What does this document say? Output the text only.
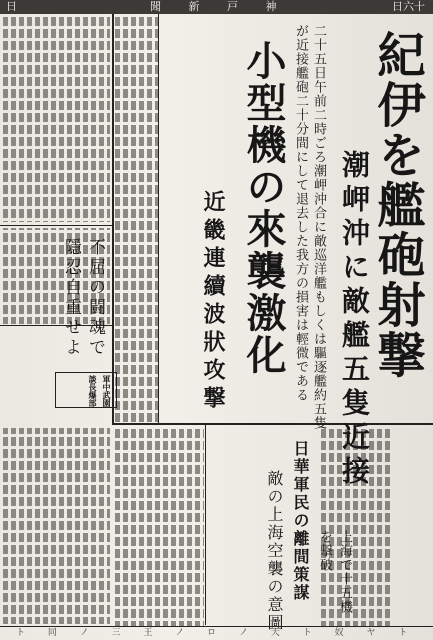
日	聞 新 戸 神	日六十
紀伊を艦砲射撃
潮岬沖に敵艦五隻近接
二十五日午前二時ごろ潮岬沖合に敵巡洋艦もしくは驅逐艦約五隻
が近接艦砲二十分間にして退去した我方の損害は輕微である
小型機の來襲激化
近畿連續波狀攻撃
不屈の闘魂で
隱忍自重せよ
軍中武園
談長爆部
日華軍民の離間策謀
敵の上海空襲の意圖	上海で十五機
を撃破
ト 同 ノ 三 王 ノ ロ ノ 天 ト 奴 ヤ ト
